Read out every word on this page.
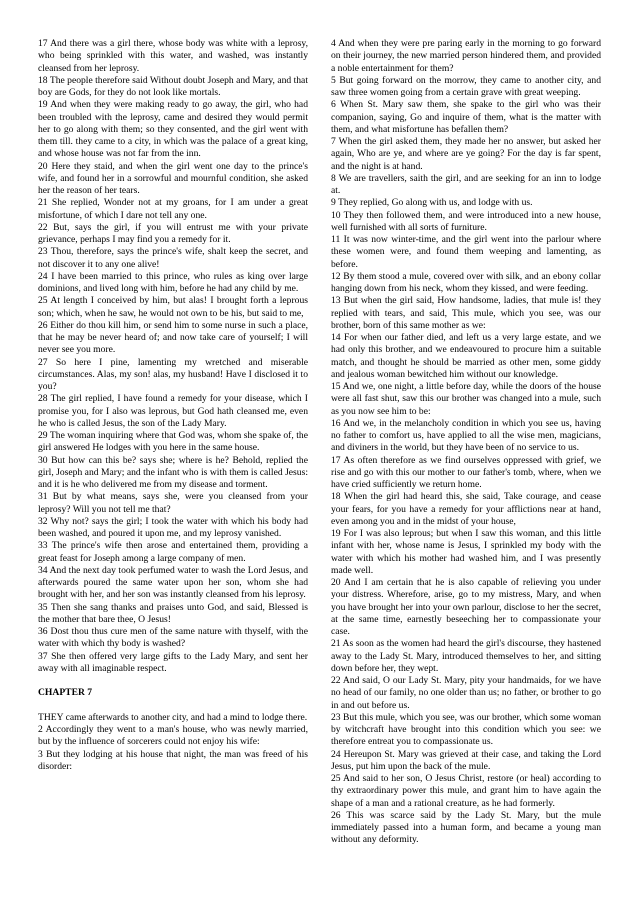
17 And there was a girl there, whose body was white with a leprosy, who being sprinkled with this water, and washed, was instantly cleansed from her leprosy.

18 The people therefore said Without doubt Joseph and Mary, and that boy are Gods, for they do not look like mortals.

19 And when they were making ready to go away, the girl, who had been troubled with the leprosy, came and desired they would permit her to go along with them; so they consented, and the girl went with them till. they came to a city, in which was the palace of a great king, and whose house was not far from the inn.

20 Here they staid, and when the girl went one day to the prince's wife, and found her in a sorrowful and mournful condition, she asked her the reason of her tears.

21 She replied, Wonder not at my groans, for I am under a great misfortune, of which I dare not tell any one.

22 But, says the girl, if you will entrust me with your private grievance, perhaps I may find you a remedy for it.

23 Thou, therefore, says the prince's wife, shalt keep the secret, and not discover it to any one alive!

24 I have been married to this prince, who rules as king over large dominions, and lived long with him, before he had any child by me.

25 At length I conceived by him, but alas! I brought forth a leprous son; which, when he saw, he would not own to be his, but said to me,

26 Either do thou kill him, or send him to some nurse in such a place, that he may be never heard of; and now take care of yourself; I will never see you more.

27 So here I pine, lamenting my wretched and miserable circumstances. Alas, my son! alas, my husband! Have I disclosed it to you?

28 The girl replied, I have found a remedy for your disease, which I promise you, for I also was leprous, but God hath cleansed me, even he who is called Jesus, the son of the Lady Mary.

29 The woman inquiring where that God was, whom she spake of, the girl answered He lodges with you here in the same house.

30 But how can this be? says she; where is he? Behold, replied the girl, Joseph and Mary; and the infant who is with them is called Jesus: and it is he who delivered me from my disease and torment.

31 But by what means, says she, were you cleansed from your leprosy? Will you not tell me that?

32 Why not? says the girl; I took the water with which his body had been washed, and poured it upon me, and my leprosy vanished.

33 The prince's wife then arose and entertained them, providing a great feast for Joseph among a large company of men.

34 And the next day took perfumed water to wash the Lord Jesus, and afterwards poured the same water upon her son, whom she had brought with her, and her son was instantly cleansed from his leprosy.

35 Then she sang thanks and praises unto God, and said, Blessed is the mother that bare thee, O Jesus!

36 Dost thou thus cure men of the same nature with thyself, with the water with which thy body is washed?

37 She then offered very large gifts to the Lady Mary, and sent her away with all imaginable respect.

CHAPTER 7

THEY came afterwards to another city, and had a mind to lodge there.

2 Accordingly they went to a man's house, who was newly married, but by the influence of sorcerers could not enjoy his wife:

3 But they lodging at his house that night, the man was freed of his disorder:

4 And when they were pre paring early in the morning to go forward on their journey, the new married person hindered them, and provided a noble entertainment for them?

5 But going forward on the morrow, they came to another city, and saw three women going from a certain grave with great weeping.

6 When St. Mary saw them, she spake to the girl who was their companion, saying, Go and inquire of them, what is the matter with them, and what misfortune has befallen them?

7 When the girl asked them, they made her no answer, but asked her again, Who are ye, and where are ye going? For the day is far spent, and the night is at hand.

8 We are travellers, saith the girl, and are seeking for an inn to lodge at.

9 They replied, Go along with us, and lodge with us.

10 They then followed them, and were introduced into a new house, well furnished with all sorts of furniture.

11 It was now winter-time, and the girl went into the parlour where these women were, and found them weeping and lamenting, as before.

12 By them stood a mule, covered over with silk, and an ebony collar hanging down from his neck, whom they kissed, and were feeding.

13 But when the girl said, How handsome, ladies, that mule is! they replied with tears, and said, This mule, which you see, was our brother, born of this same mother as we:

14 For when our father died, and left us a very large estate, and we had only this brother, and we endeavoured to procure him a suitable match, and thought he should be married as other men, some giddy and jealous woman bewitched him without our knowledge.

15 And we, one night, a little before day, while the doors of the house were all fast shut, saw this our brother was changed into a mule, such as you now see him to be:

16 And we, in the melancholy condition in which you see us, having no father to comfort us, have applied to all the wise men, magicians, and diviners in the world, but they have been of no service to us.

17 As often therefore as we find ourselves oppressed with grief, we rise and go with this our mother to our father's tomb, where, when we have cried sufficiently we return home.

18 When the girl had heard this, she said, Take courage, and cease your fears, for you have a remedy for your afflictions near at hand, even among you and in the midst of your house,

19 For I was also leprous; but when I saw this woman, and this little infant with her, whose name is Jesus, I sprinkled my body with the water with which his mother had washed him, and I was presently made well.

20 And I am certain that he is also capable of relieving you under your distress. Wherefore, arise, go to my mistress, Mary, and when you have brought her into your own parlour, disclose to her the secret, at the same time, earnestly beseeching her to compassionate your case.

21 As soon as the women had heard the girl's discourse, they hastened away to the Lady St. Mary, introduced themselves to her, and sitting down before her, they wept.

22 And said, O our Lady St. Mary, pity your handmaids, for we have no head of our family, no one older than us; no father, or brother to go in and out before us.

23 But this mule, which you see, was our brother, which some woman by witchcraft have brought into this condition which you see: we therefore entreat you to compassionate us.

24 Hereupon St. Mary was grieved at their case, and taking the Lord Jesus, put him upon the back of the mule.

25 And said to her son, O Jesus Christ, restore (or heal) according to thy extraordinary power this mule, and grant him to have again the shape of a man and a rational creature, as he had formerly.

26 This was scarce said by the Lady St. Mary, but the mule immediately passed into a human form, and became a young man without any deformity.
